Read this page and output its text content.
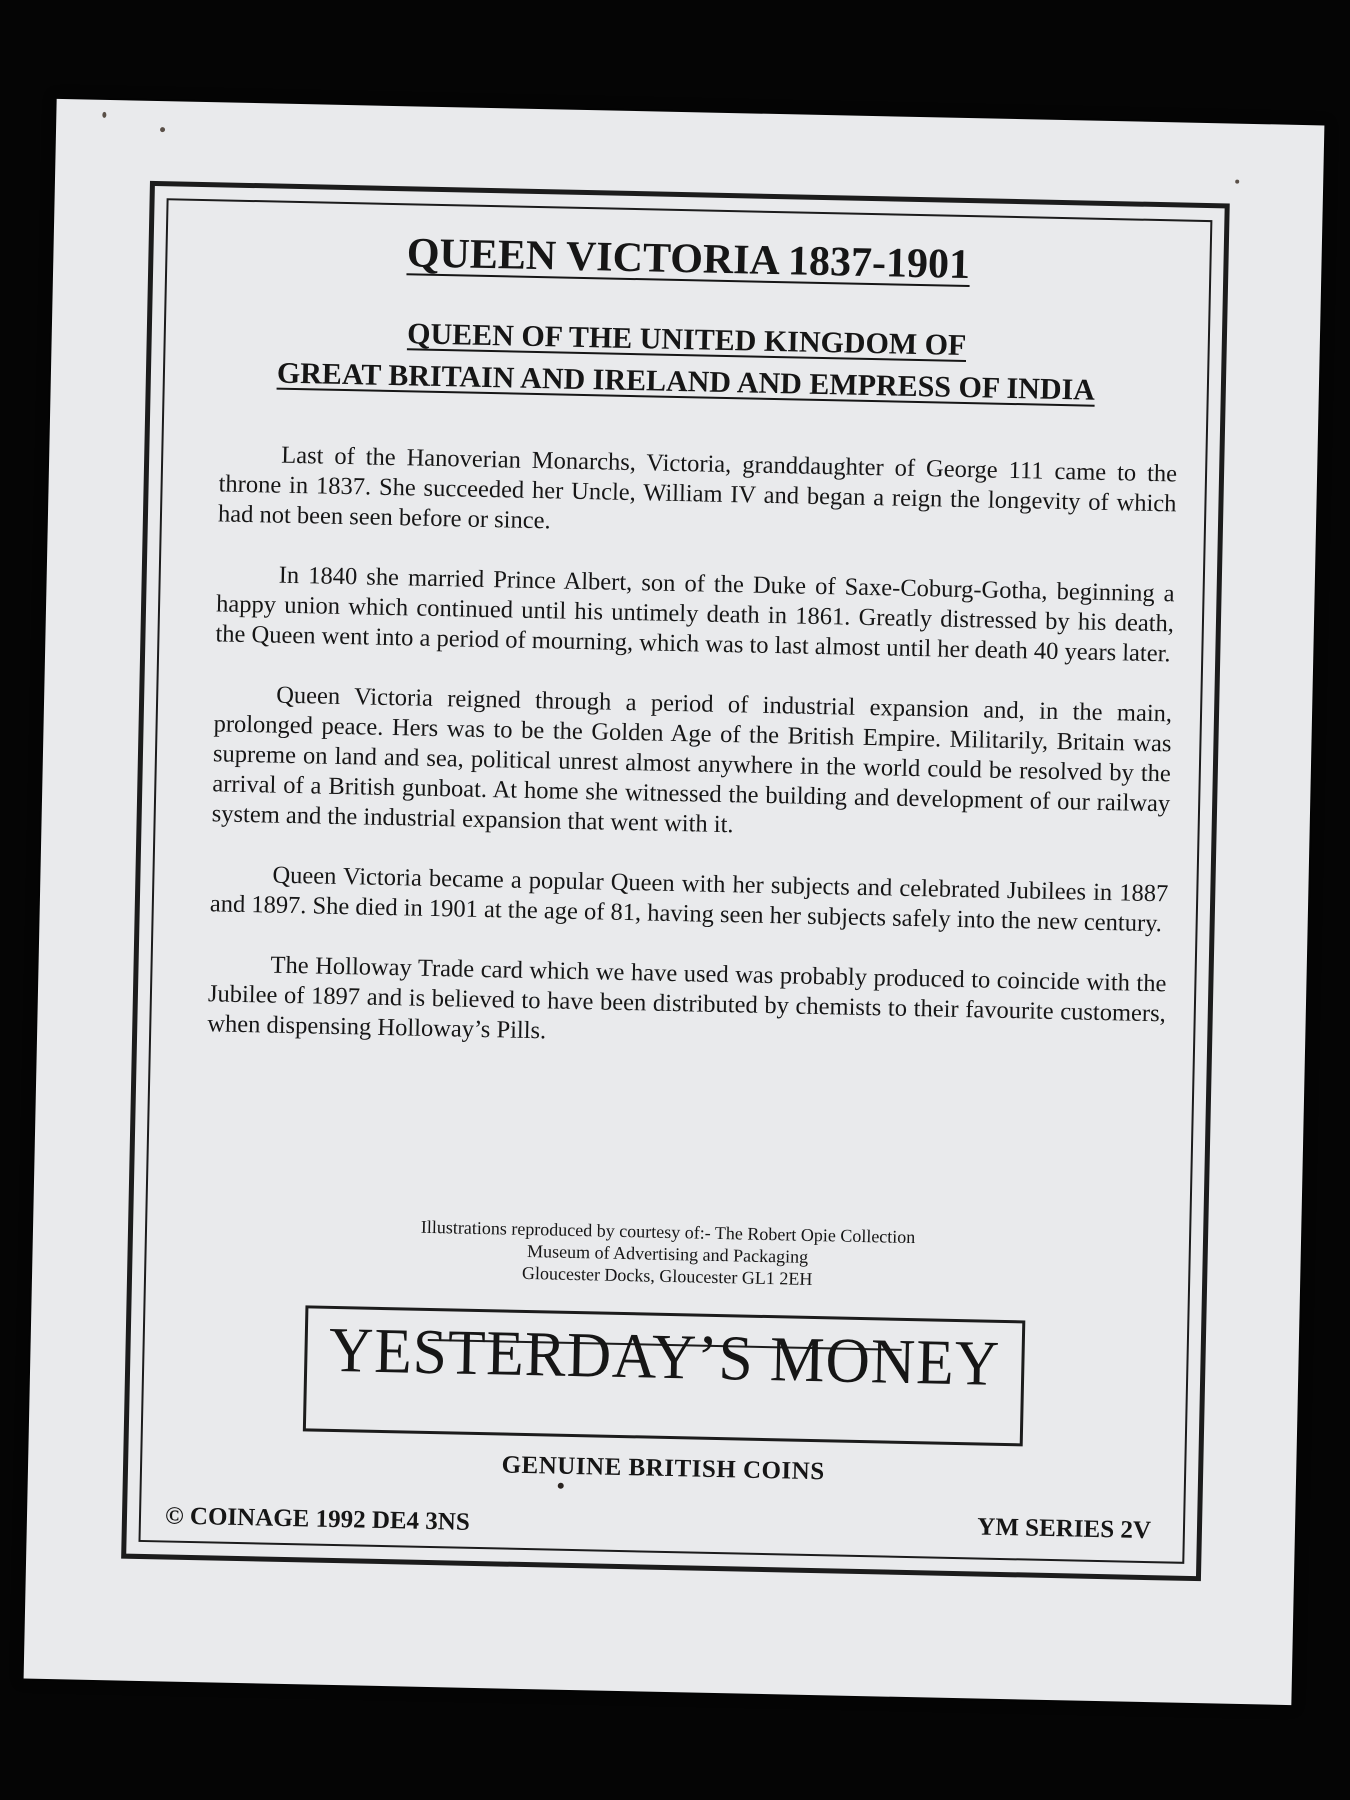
QUEEN VICTORIA 1837-1901
QUEEN OF THE UNITED KINGDOM OF
GREAT BRITAIN AND IRELAND AND EMPRESS OF INDIA

Last of the Hanoverian Monarchs, Victoria, granddaughter of George 111 came to the throne in 1837. She succeeded her Uncle, William IV and began a reign the longevity of which had not been seen before or since.

In 1840 she married Prince Albert, son of the Duke of Saxe-Coburg-Gotha, beginning a happy union which continued until his untimely death in 1861. Greatly distressed by his death, the Queen went into a period of mourning, which was to last almost until her death 40 years later.

Queen Victoria reigned through a period of industrial expansion and, in the main, prolonged peace. Hers was to be the Golden Age of the British Empire. Militarily, Britain was supreme on land and sea, political unrest almost anywhere in the world could be resolved by the arrival of a British gunboat. At home she witnessed the building and development of our railway system and the industrial expansion that went with it.

Queen Victoria became a popular Queen with her subjects and celebrated Jubilees in 1887 and 1897. She died in 1901 at the age of 81, having seen her subjects safely into the new century.

The Holloway Trade card which we have used was probably produced to coincide with the Jubilee of 1897 and is believed to have been distributed by chemists to their favourite customers, when dispensing Holloway’s Pills.

Illustrations reproduced by courtesy of:- The Robert Opie Collection
Museum of Advertising and Packaging
Gloucester Docks, Gloucester GL1 2EH
YESTERDAY’S MONEY
GENUINE BRITISH COINS
© COINAGE 1992 DE4 3NS	YM SERIES 2V
